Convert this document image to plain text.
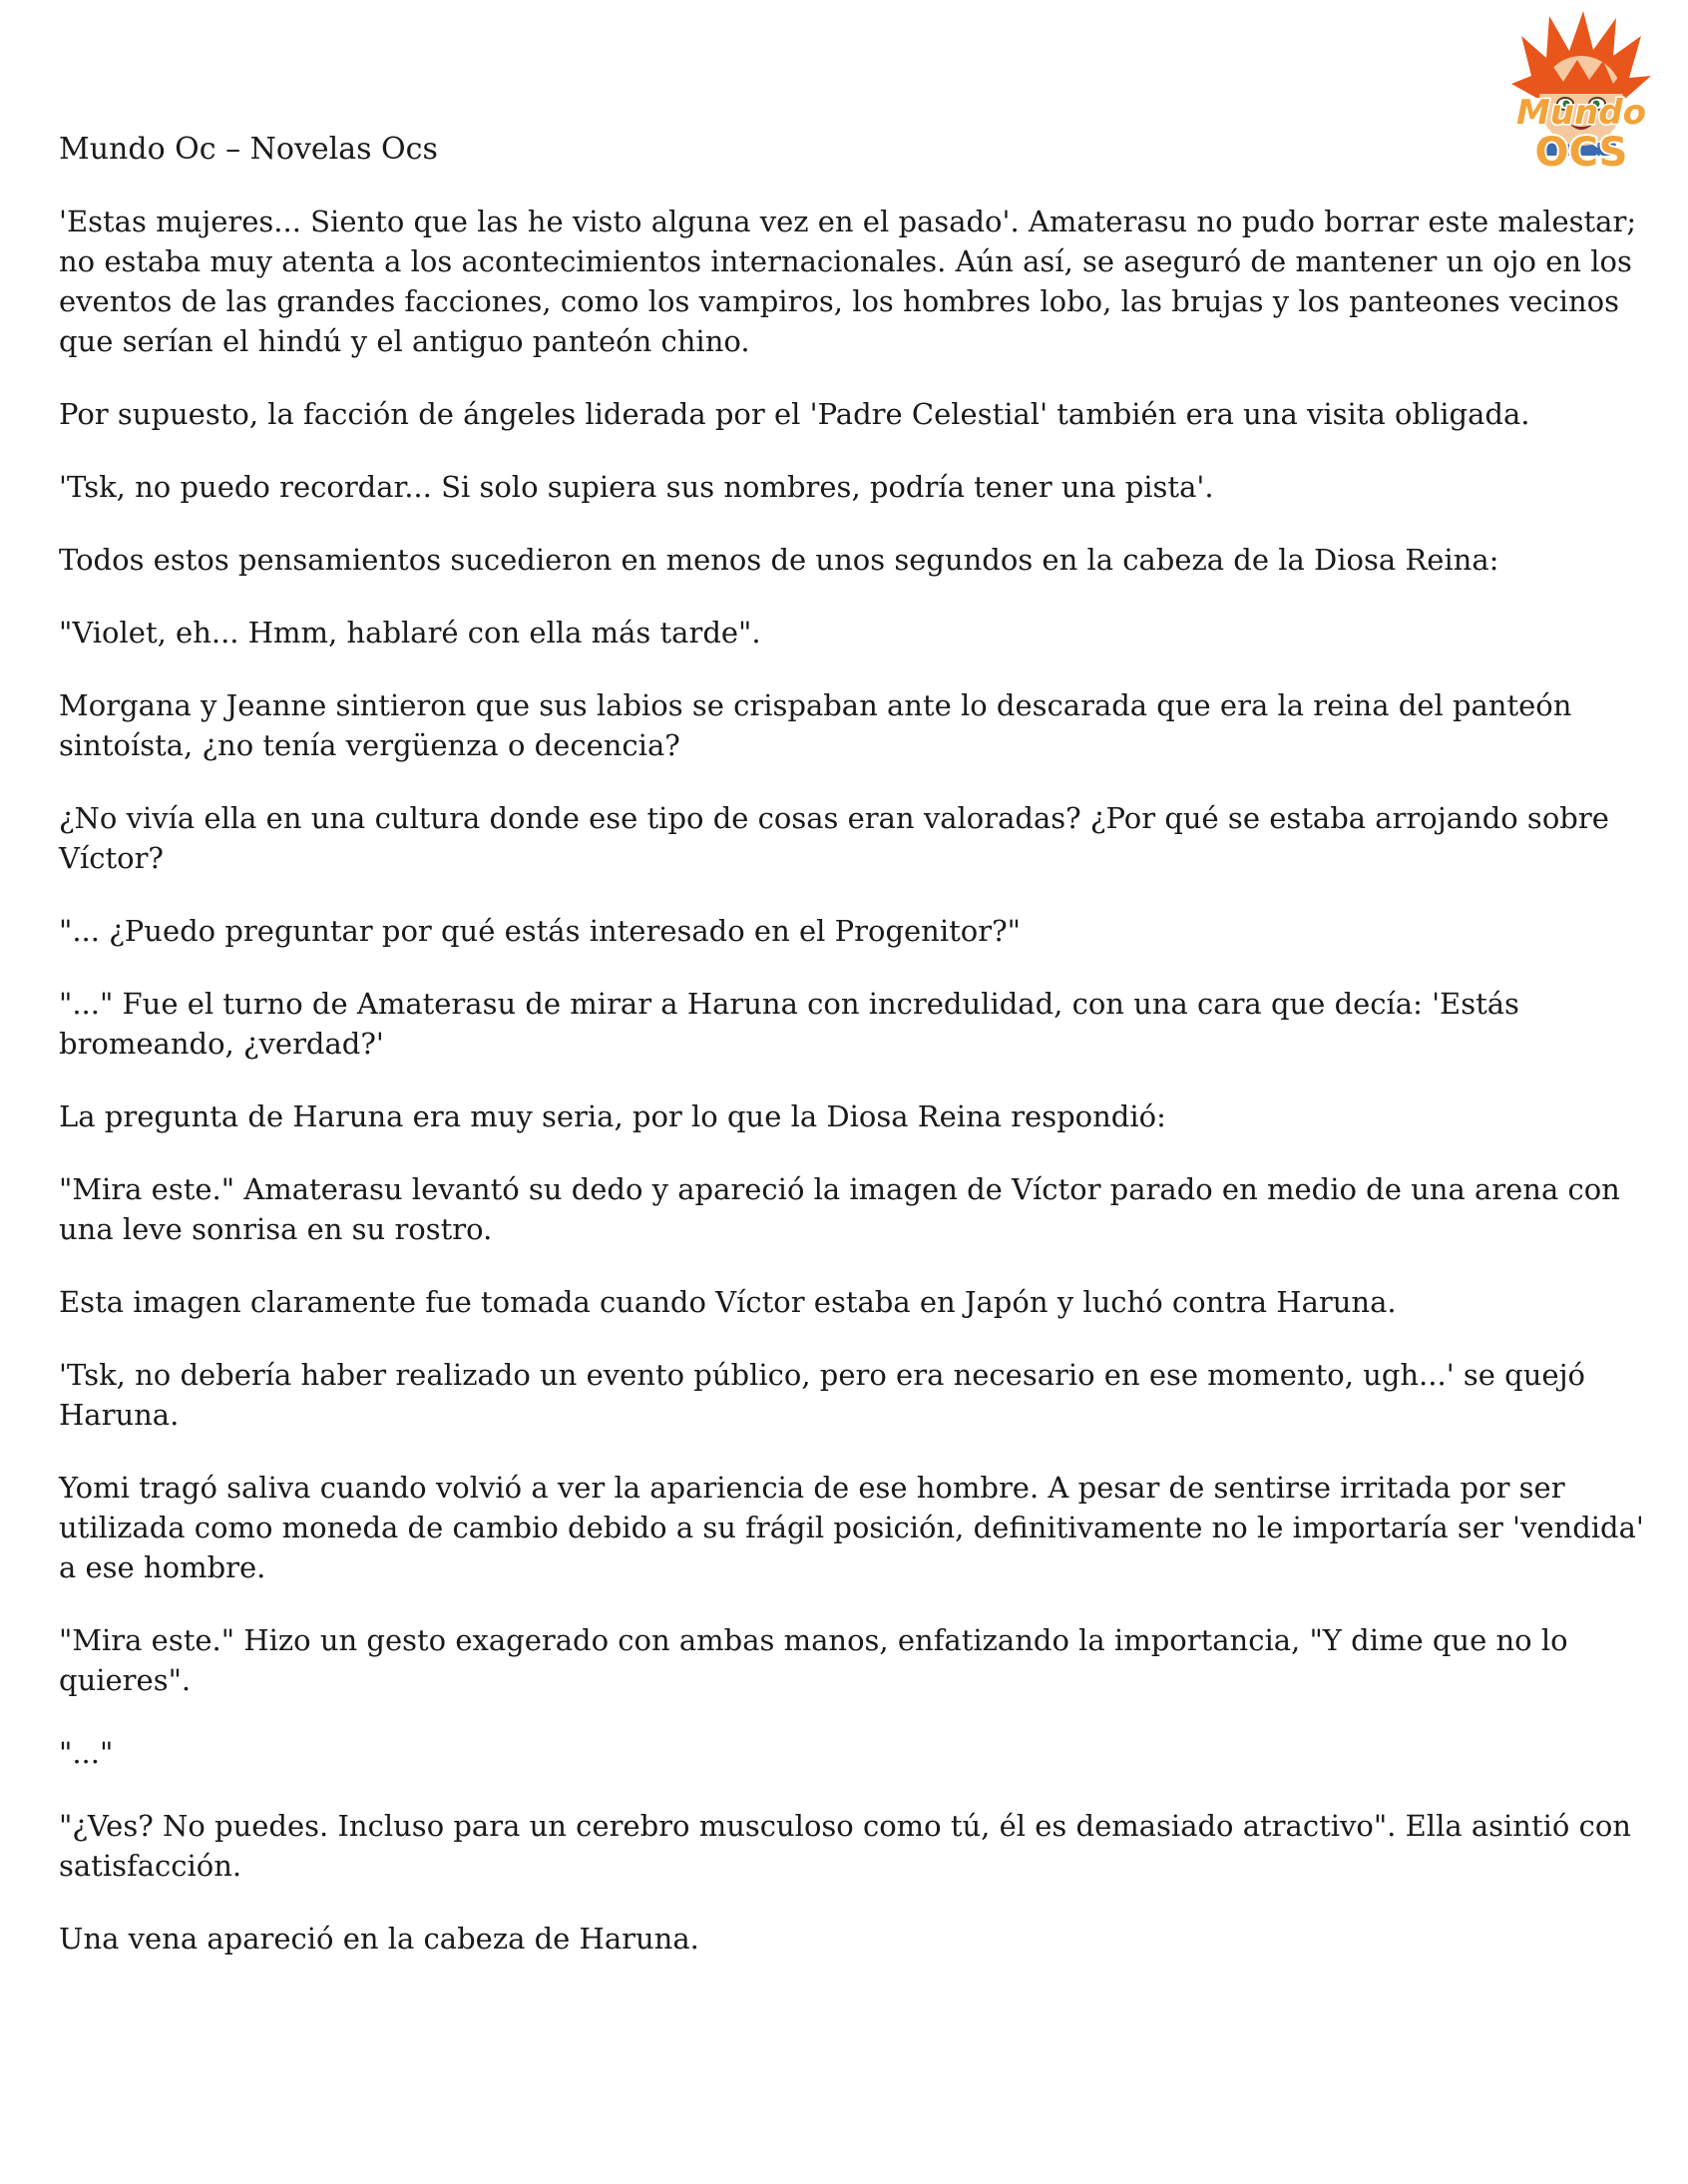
Mundo
OCS

Mundo Oc – Novelas Ocs

'Estas mujeres... Siento que las he visto alguna vez en el pasado'. Amaterasu no pudo borrar este malestar; no estaba muy atenta a los acontecimientos internacionales. Aún así, se aseguró de mantener un ojo en los eventos de las grandes facciones, como los vampiros, los hombres lobo, las brujas y los panteones vecinos que serían el hindú y el antiguo panteón chino.

Por supuesto, la facción de ángeles liderada por el 'Padre Celestial' también era una visita obligada.

'Tsk, no puedo recordar... Si solo supiera sus nombres, podría tener una pista'.

Todos estos pensamientos sucedieron en menos de unos segundos en la cabeza de la Diosa Reina:

"Violet, eh... Hmm, hablaré con ella más tarde".

Morgana y Jeanne sintieron que sus labios se crispaban ante lo descarada que era la reina del panteón sintoísta, ¿no tenía vergüenza o decencia?

¿No vivía ella en una cultura donde ese tipo de cosas eran valoradas? ¿Por qué se estaba arrojando sobre Víctor?

"... ¿Puedo preguntar por qué estás interesado en el Progenitor?"

"..." Fue el turno de Amaterasu de mirar a Haruna con incredulidad, con una cara que decía: 'Estás bromeando, ¿verdad?'

La pregunta de Haruna era muy seria, por lo que la Diosa Reina respondió:

"Mira este." Amaterasu levantó su dedo y apareció la imagen de Víctor parado en medio de una arena con una leve sonrisa en su rostro.

Esta imagen claramente fue tomada cuando Víctor estaba en Japón y luchó contra Haruna.

'Tsk, no debería haber realizado un evento público, pero era necesario en ese momento, ugh...' se quejó Haruna.

Yomi tragó saliva cuando volvió a ver la apariencia de ese hombre. A pesar de sentirse irritada por ser utilizada como moneda de cambio debido a su frágil posición, definitivamente no le importaría ser 'vendida' a ese hombre.

"Mira este." Hizo un gesto exagerado con ambas manos, enfatizando la importancia, "Y dime que no lo quieres".

"..."

"¿Ves? No puedes. Incluso para un cerebro musculoso como tú, él es demasiado atractivo". Ella asintió con satisfacción.

Una vena apareció en la cabeza de Haruna.
